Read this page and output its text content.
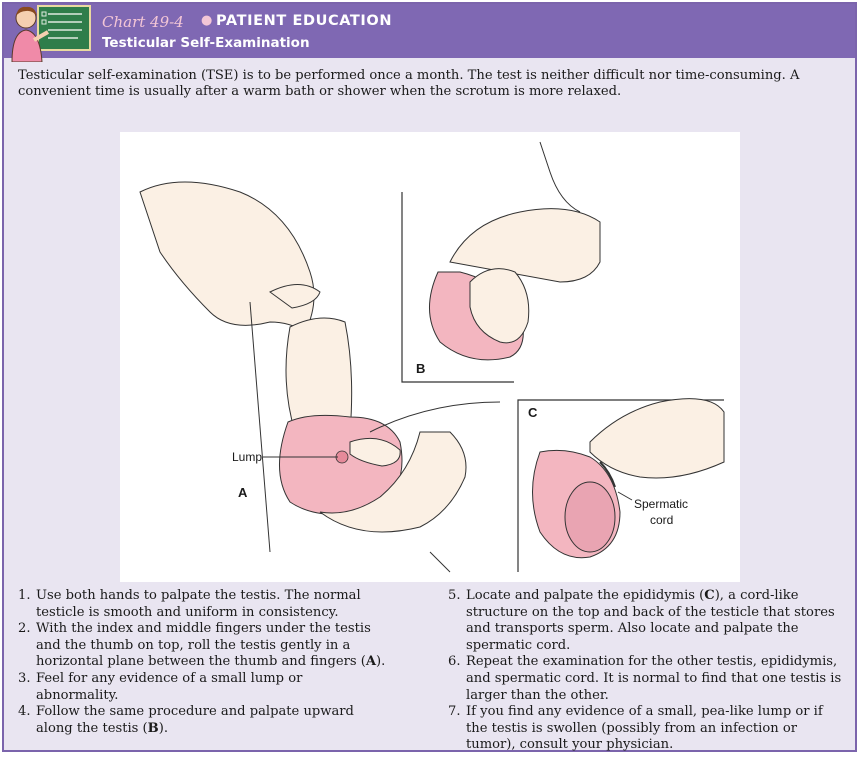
Chart 49-4 ● PATIENT EDUCATION
Testicular Self-Examination
Testicular self-examination (TSE) is to be performed once a month. The test is neither difficult nor time-consuming. A convenient time is usually after a warm bath or shower when the scrotum is more relaxed.
Lump
A
B
C
Spermatic
cord
1. Use both hands to palpate the testis. The normal testicle is smooth and uniform in consistency.
2. With the index and middle fingers under the testis and the thumb on top, roll the testis gently in a horizontal plane between the thumb and fingers (A).
3. Feel for any evidence of a small lump or abnormality.
4. Follow the same procedure and palpate upward along the testis (B).
5. Locate and palpate the epididymis (C), a cord-like structure on the top and back of the testicle that stores and transports sperm. Also locate and palpate the spermatic cord.
6. Repeat the examination for the other testis, epididymis, and spermatic cord. It is normal to find that one testis is larger than the other.
7. If you find any evidence of a small, pea-like lump or if the testis is swollen (possibly from an infection or tumor), consult your physician.
